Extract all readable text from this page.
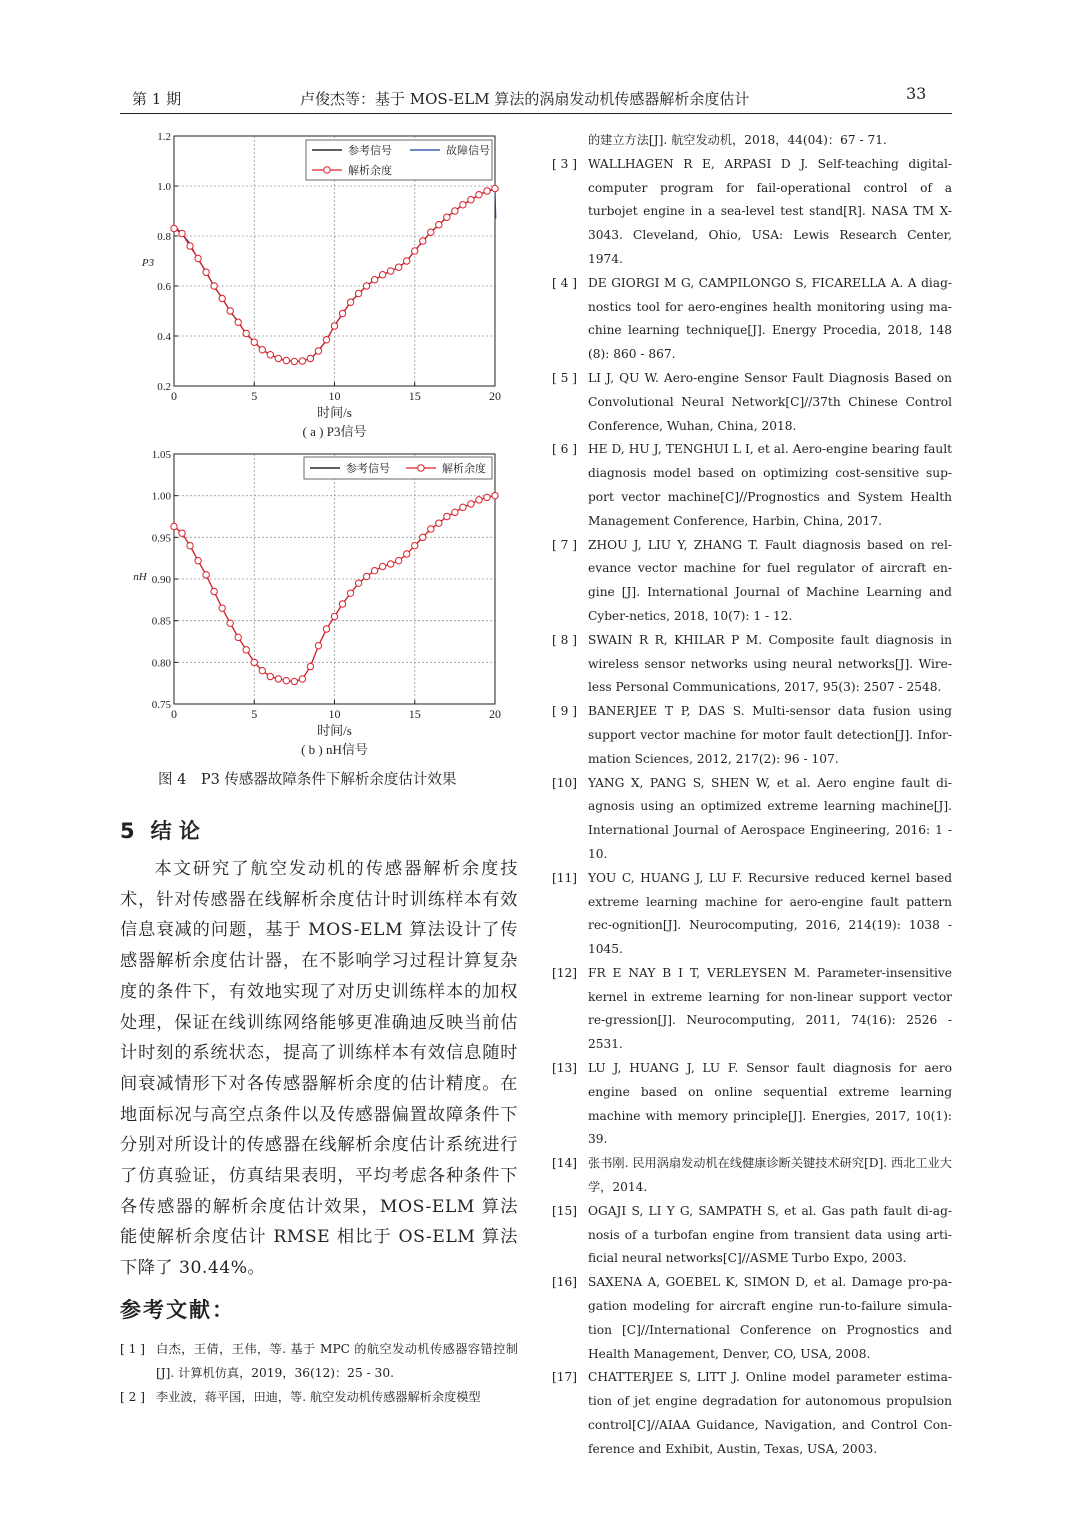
第 1 期	卢俊杰等：基于 MOS-ELM 算法的涡扇发动机传感器解析余度估计	33
0	5	10	15	20
0.2
0.4
0.6
0.8
1.0
1.2
参考信号	故障信号
解析余度
时间/s
P3
( a ) P3信号
0	5	10	15	20
0.75
0.80
0.85
0.90
0.95
1.00
1.05
参考信号	解析余度
时间/s
nH
( b ) nH信号
图 4　P3 传感器故障条件下解析余度估计效果
5 结 论

本文研究了航空发动机的传感器解析余度技术，针对传感器在线解析余度估计时训练样本有效信息衰减的问题，基于 MOS-ELM 算法设计了传感器解析余度估计器，在不影响学习过程计算复杂度的条件下，有效地实现了对历史训练样本的加权处理，保证在线训练网络能够更准确迪反映当前估计时刻的系统状态，提高了训练样本有效信息随时间衰减情形下对各传感器解析余度的估计精度。在地面标况与高空点条件以及传感器偏置故障条件下分别对所设计的传感器在线解析余度估计系统进行了仿真验证，仿真结果表明，平均考虑各种条件下各传感器的解析余度估计效果，MOS-ELM 算法能使解析余度估计 RMSE 相比于 OS-ELM 算法下降了 30.44%。

参考文献：
[ 1 ] 白杰，王倩，王伟，等. 基于 MPC 的航空发动机传感器容错控制[J]. 计算机仿真，2019，36(12)：25 - 30.
[ 2 ] 李业波，蒋平国，田迪，等. 航空发动机传感器解析余度模型
的建立方法[J]. 航空发动机，2018，44(04)：67 - 71.
[ 3 ] WALLHAGEN R E, ARPASI D J. Self-teaching digital-computer program for fail-operational control of a turbojet engine in a sea-level test stand[R]. NASA TM X-3043. Cleveland, Ohio, USA: Lewis Research Center, 1974.
[ 4 ] DE GIORGI M G, CAMPILONGO S, FICARELLA A. A diag-nostics tool for aero-engines health monitoring using ma-chine learning technique[J]. Energy Procedia, 2018, 148 (8): 860 - 867.
[ 5 ] LI J, QU W. Aero-engine Sensor Fault Diagnosis Based on Convolutional Neural Network[C]//37th Chinese Control Conference, Wuhan, China, 2018.
[ 6 ] HE D, HU J, TENGHUI L I, et al. Aero-engine bearing fault diagnosis model based on optimizing cost-sensitive sup-port vector machine[C]//Prognostics and System Health Management Conference, Harbin, China, 2017.
[ 7 ] ZHOU J, LIU Y, ZHANG T. Fault diagnosis based on rel-evance vector machine for fuel regulator of aircraft en-gine [J]. International Journal of Machine Learning and Cyber-netics, 2018, 10(7): 1 - 12.
[ 8 ] SWAIN R R, KHILAR P M. Composite fault diagnosis in wireless sensor networks using neural networks[J]. Wire-less Personal Communications, 2017, 95(3): 2507 - 2548.
[ 9 ] BANERJEE T P, DAS S. Multi-sensor data fusion using support vector machine for motor fault detection[J]. Infor-mation Sciences, 2012, 217(2): 96 - 107.
[10] YANG X, PANG S, SHEN W, et al. Aero engine fault di-agnosis using an optimized extreme learning machine[J]. International Journal of Aerospace Engineering, 2016: 1 - 10.
[11] YOU C, HUANG J, LU F. Recursive reduced kernel based extreme learning machine for aero-engine fault pattern rec-ognition[J]. Neurocomputing, 2016, 214(19): 1038 - 1045.
[12] FR E NAY B I T, VERLEYSEN M. Parameter-insensitive kernel in extreme learning for non-linear support vector re-gression[J]. Neurocomputing, 2011, 74(16): 2526 - 2531.
[13] LU J, HUANG J, LU F. Sensor fault diagnosis for aero engine based on online sequential extreme learning machine with memory principle[J]. Energies, 2017, 10(1): 39.
[14] 张书刚. 民用涡扇发动机在线健康诊断关键技术研究[D]. 西北工业大学，2014.
[15] OGAJI S, LI Y G, SAMPATH S, et al. Gas path fault di-ag-nosis of a turbofan engine from transient data using arti-ficial neural networks[C]//ASME Turbo Expo, 2003.
[16] SAXENA A, GOEBEL K, SIMON D, et al. Damage pro-pa-gation modeling for aircraft engine run-to-failure simula-tion [C]//International Conference on Prognostics and Health Management, Denver, CO, USA, 2008.
[17] CHATTERJEE S, LITT J. Online model parameter estima-tion of jet engine degradation for autonomous propulsion control[C]//AIAA Guidance, Navigation, and Control Con-ference and Exhibit, Austin, Texas, USA, 2003.
